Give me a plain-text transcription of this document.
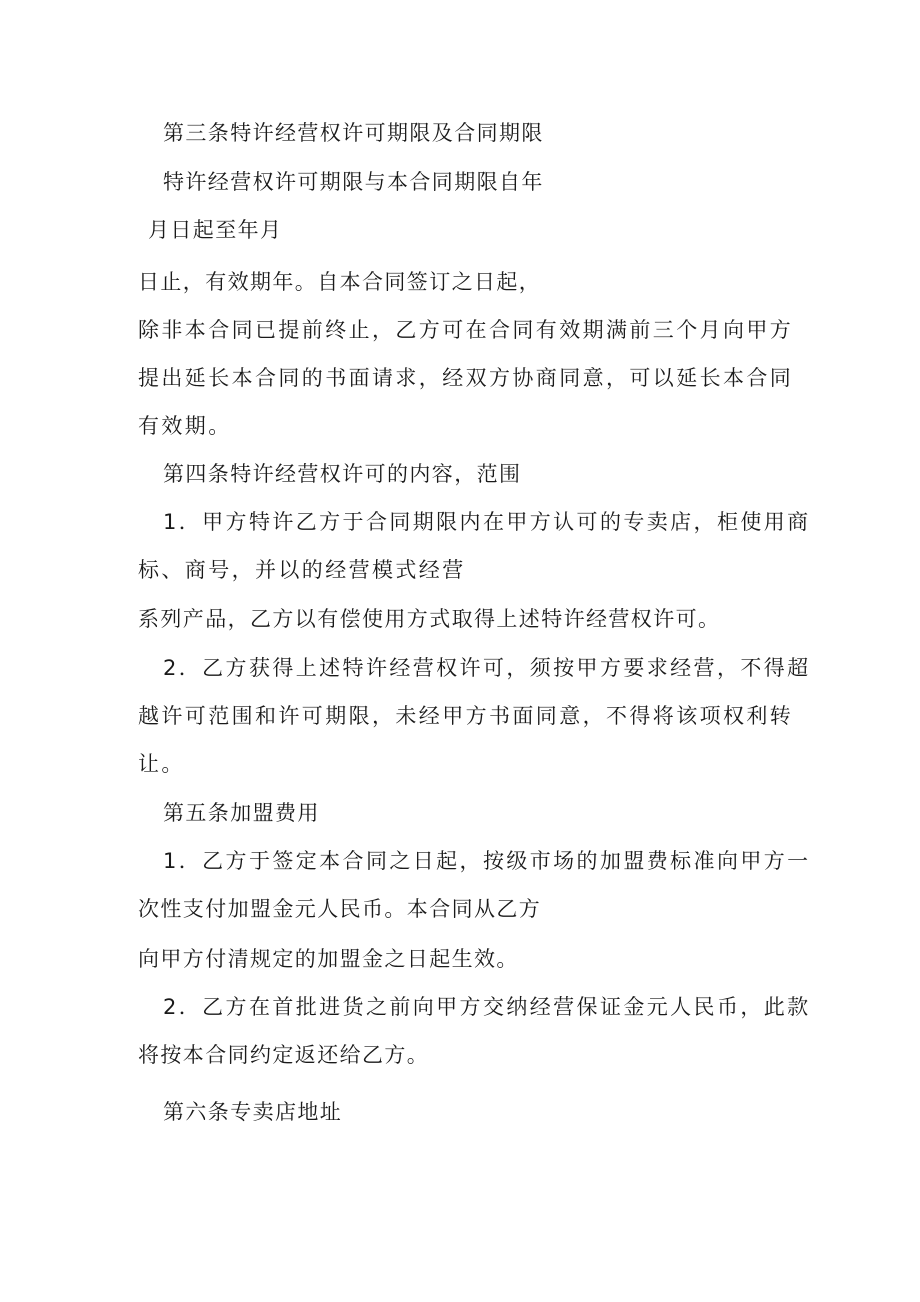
第三条特许经营权许可期限及合同期限
特许经营权许可期限与本合同期限自年
月日起至年月
日止，有效期年。自本合同签订之日起，
除非本合同已提前终止，乙方可在合同有效期满前三个月向甲方
提出延长本合同的书面请求，经双方协商同意，可以延长本合同
有效期。
第四条特许经营权许可的内容，范围
1．甲方特许乙方于合同期限内在甲方认可的专卖店，柜使用商
标、商号，并以的经营模式经营
系列产品，乙方以有偿使用方式取得上述特许经营权许可。
2．乙方获得上述特许经营权许可，须按甲方要求经营，不得超
越许可范围和许可期限，未经甲方书面同意，不得将该项权利转
让。
第五条加盟费用
1．乙方于签定本合同之日起，按级市场的加盟费标准向甲方一
次性支付加盟金元人民币。本合同从乙方
向甲方付清规定的加盟金之日起生效。
2．乙方在首批进货之前向甲方交纳经营保证金元人民币，此款
将按本合同约定返还给乙方。
第六条专卖店地址
